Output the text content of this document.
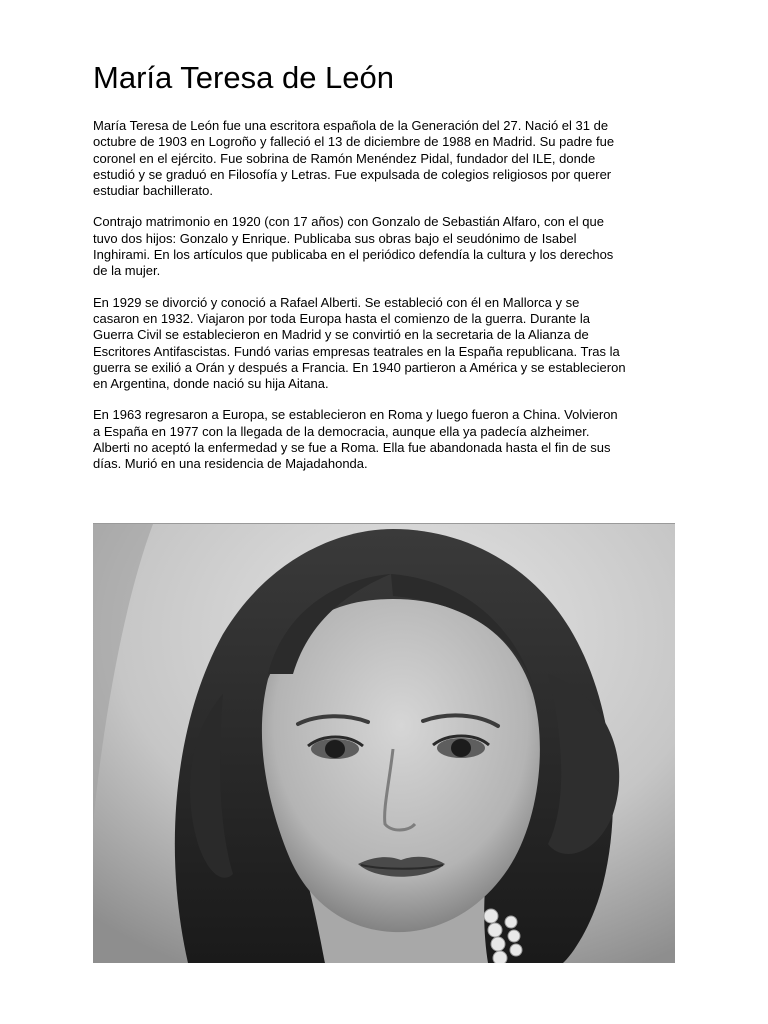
María Teresa de León

María Teresa de León fue una escritora española de la Generación del 27. Nació el 31 de
octubre de 1903 en Logroño y falleció el 13 de diciembre de 1988 en Madrid. Su padre fue
coronel en el ejército. Fue sobrina de Ramón Menéndez Pidal, fundador del ILE, donde
estudió y se graduó en Filosofía y Letras. Fue expulsada de colegios religiosos por querer
estudiar bachillerato.

Contrajo matrimonio en 1920 (con 17 años) con Gonzalo de Sebastián Alfaro, con el que
tuvo dos hijos: Gonzalo y Enrique. Publicaba sus obras bajo el seudónimo de Isabel
Inghirami. En los artículos que publicaba en el periódico defendía la cultura y los derechos
de la mujer.

En 1929 se divorció y conoció a Rafael Alberti. Se estableció con él en Mallorca y se
casaron en 1932. Viajaron por toda Europa hasta el comienzo de la guerra. Durante la
Guerra Civil se establecieron en Madrid y se convirtió en la secretaria de la Alianza de
Escritores Antifascistas. Fundó varias empresas teatrales en la España republicana. Tras la
guerra se exilió a Orán y después a Francia. En 1940 partieron a América y se establecieron
en Argentina, donde nació su hija Aitana.

En 1963 regresaron a Europa, se establecieron en Roma y luego fueron a China. Volvieron
a España en 1977 con la llegada de la democracia, aunque ella ya padecía alzheimer.
Alberti no aceptó la enfermedad y se fue a Roma. Ella fue abandonada hasta el fin de sus
días. Murió en una residencia de Majadahonda.
